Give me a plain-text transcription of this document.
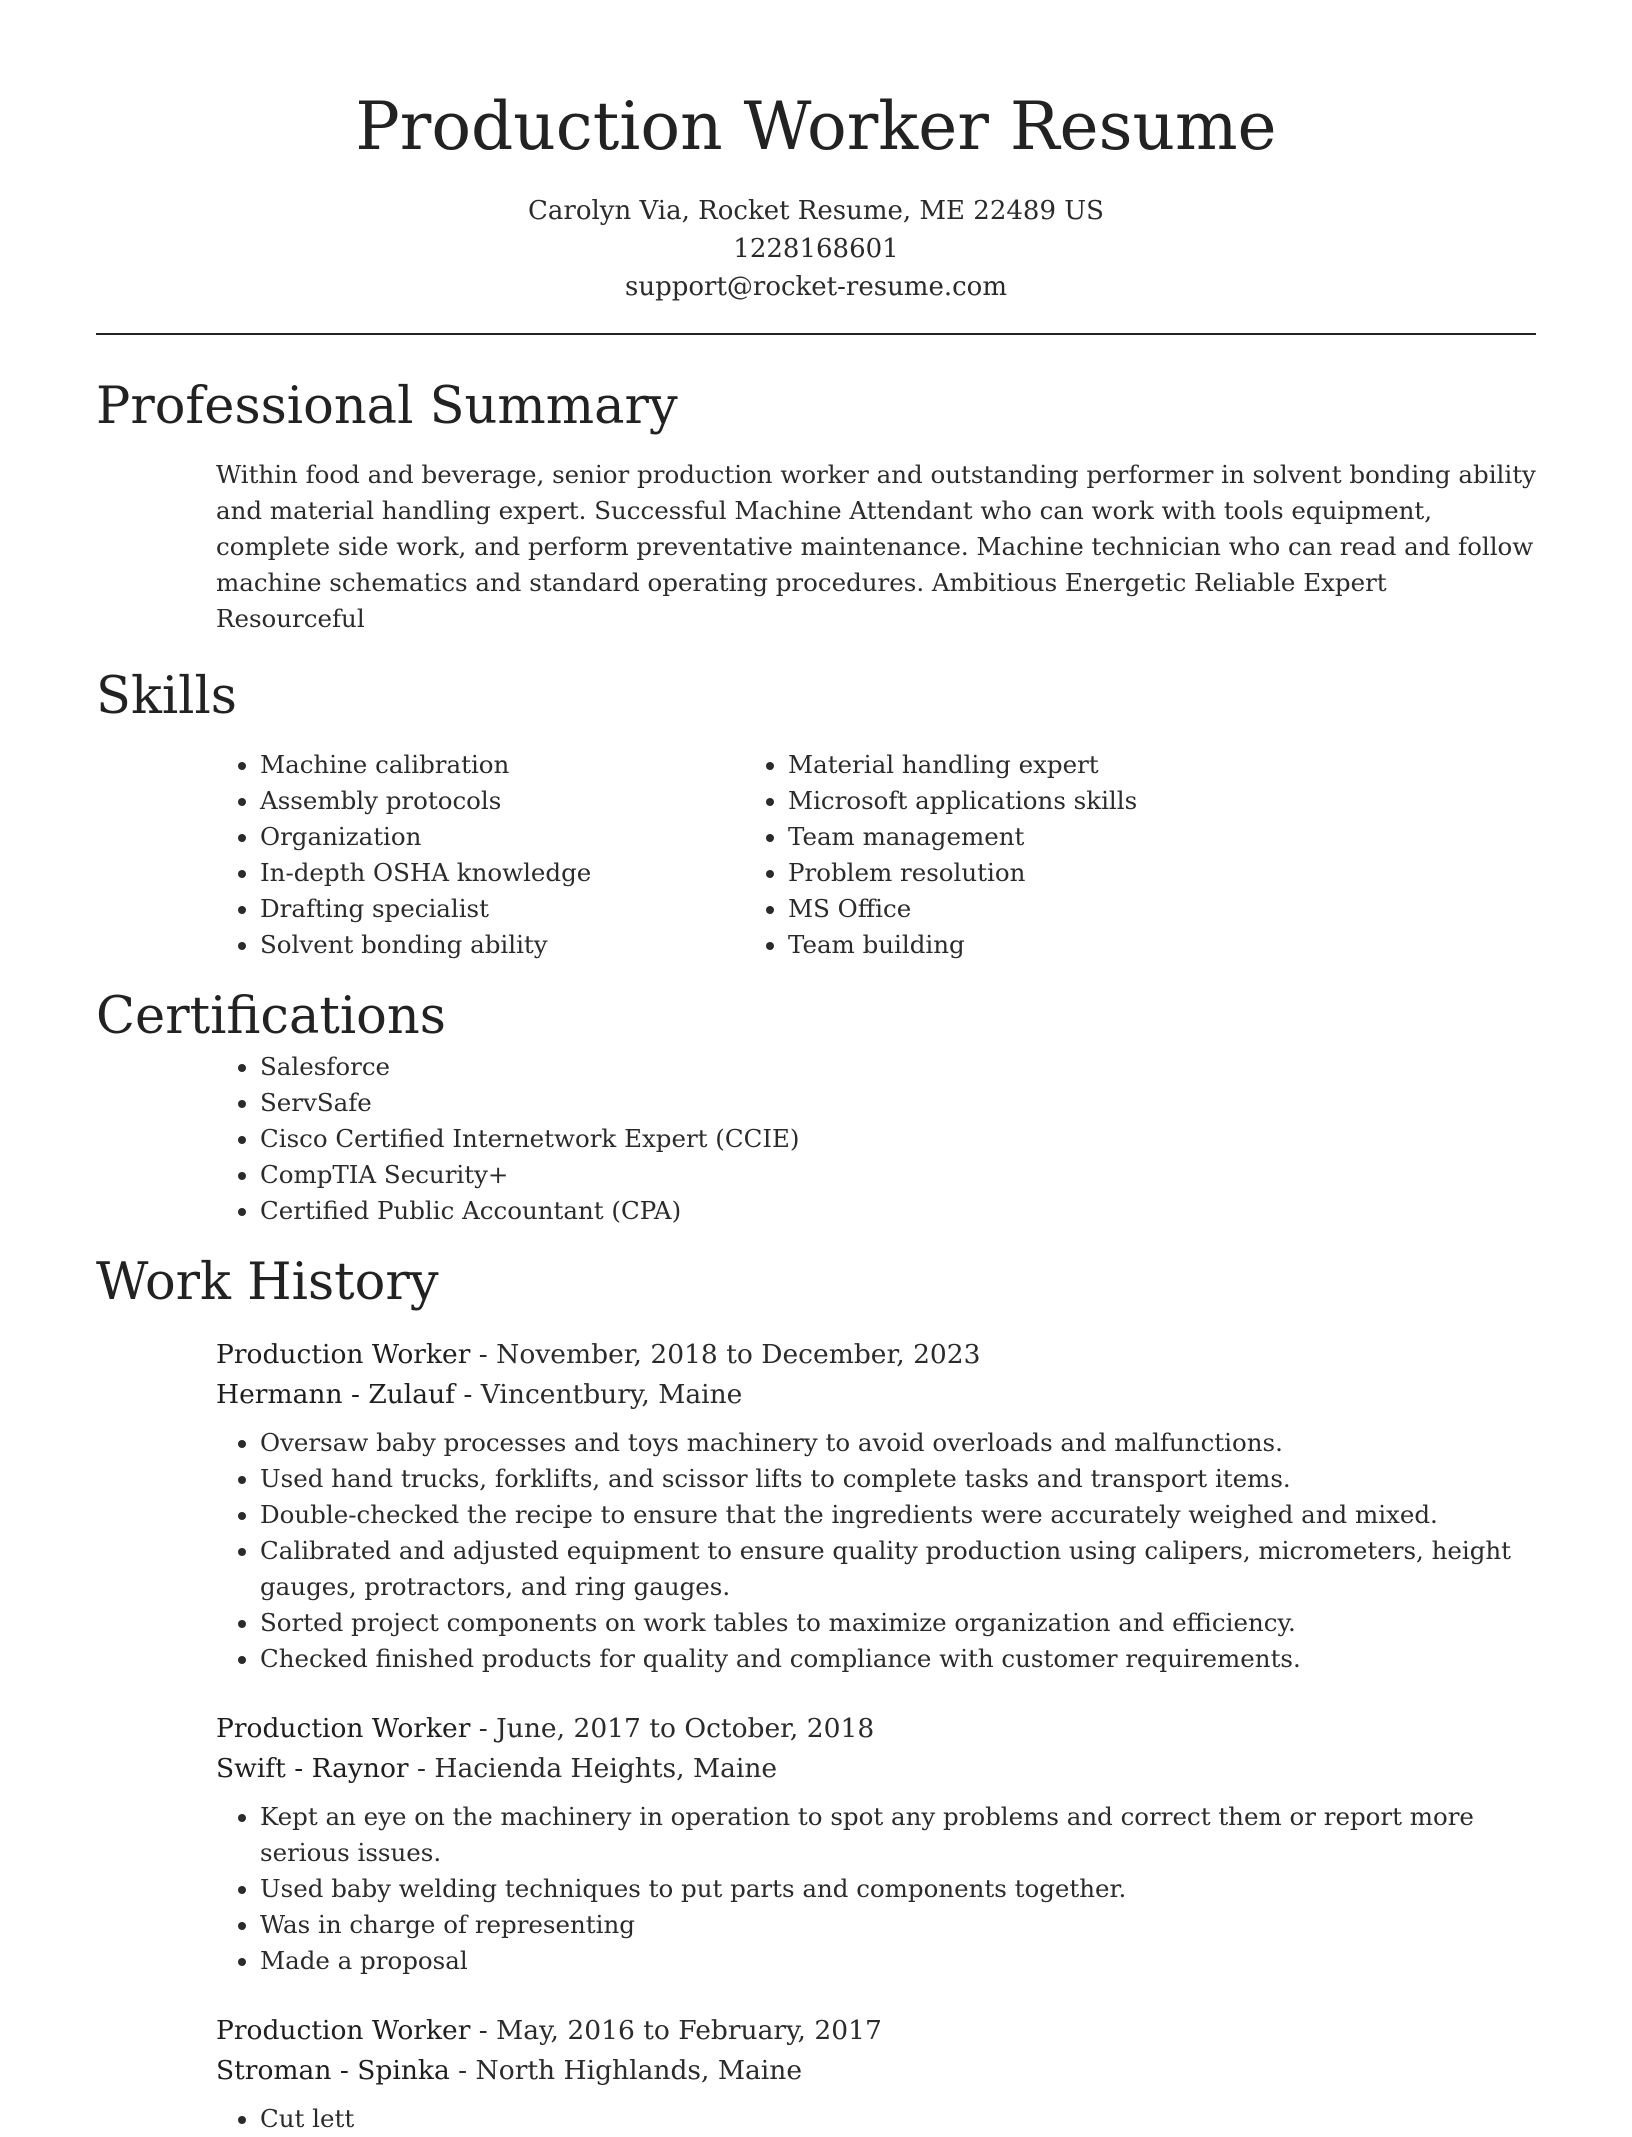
Production Worker Resume
Carolyn Via, Rocket Resume, ME 22489 US
1228168601
support@rocket-resume.com
Professional Summary

Within food and beverage, senior production worker and outstanding performer in solvent bonding ability and material handling expert. Successful Machine Attendant who can work with tools equipment, complete side work, and perform preventative maintenance. Machine technician who can read and follow machine schematics and standard operating procedures. Ambitious Energetic Reliable Expert Resourceful

Skills
• Machine calibration
• Assembly protocols
• Organization
• In-depth OSHA knowledge
• Drafting specialist
• Solvent bonding ability
• Material handling expert
• Microsoft applications skills
• Team management
• Problem resolution
• MS Office
• Team building
Certifications
• Salesforce
• ServSafe
• Cisco Certified Internetwork Expert (CCIE)
• CompTIA Security+
• Certified Public Accountant (CPA)
Work History
Production Worker - November, 2018 to December, 2023
Hermann - Zulauf - Vincentbury, Maine
• Oversaw baby processes and toys machinery to avoid overloads and malfunctions.
• Used hand trucks, forklifts, and scissor lifts to complete tasks and transport items.
• Double-checked the recipe to ensure that the ingredients were accurately weighed and mixed.
• Calibrated and adjusted equipment to ensure quality production using calipers, micrometers, height gauges, protractors, and ring gauges.
• Sorted project components on work tables to maximize organization and efficiency.
• Checked finished products for quality and compliance with customer requirements.
Production Worker - June, 2017 to October, 2018
Swift - Raynor - Hacienda Heights, Maine
• Kept an eye on the machinery in operation to spot any problems and correct them or report more serious issues.
• Used baby welding techniques to put parts and components together.
• Was in charge of representing
• Made a proposal
Production Worker - May, 2016 to February, 2017
Stroman - Spinka - North Highlands, Maine
• Cut lett
